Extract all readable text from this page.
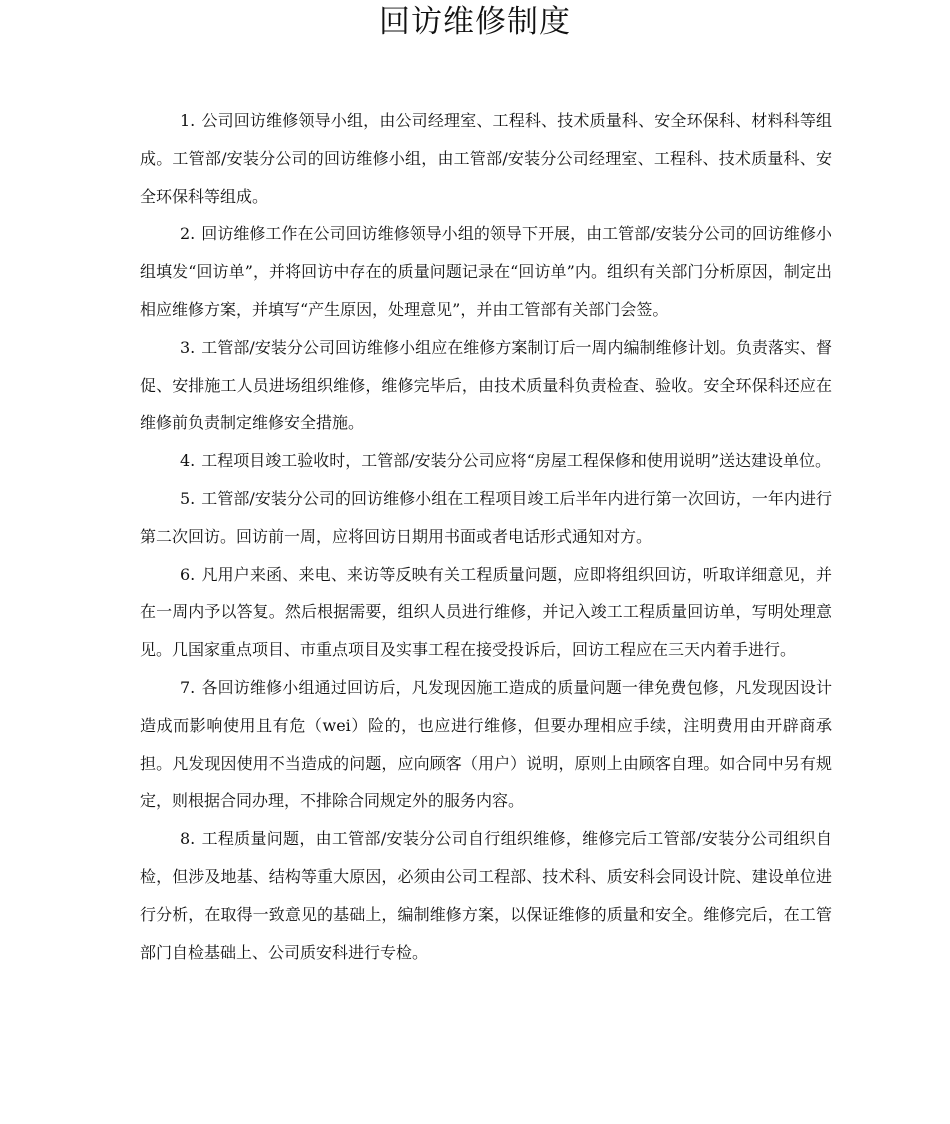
回访维修制度

1. 公司回访维修领导小组，由公司经理室、工程科、技术质量科、安全环保科、材料科等组成。工管部/安装分公司的回访维修小组，由工管部/安装分公司经理室、工程科、技术质量科、安全环保科等组成。

2. 回访维修工作在公司回访维修领导小组的领导下开展，由工管部/安装分公司的回访维修小组填发“回访单”，并将回访中存在的质量问题记录在“回访单”内。组织有关部门分析原因，制定出相应维修方案，并填写“产生原因，处理意见”，并由工管部有关部门会签。

3. 工管部/安装分公司回访维修小组应在维修方案制订后一周内编制维修计划。负责落实、督促、安排施工人员进场组织维修，维修完毕后，由技术质量科负责检查、验收。安全环保科还应在维修前负责制定维修安全措施。

4. 工程项目竣工验收时，工管部/安装分公司应将“房屋工程保修和使用说明”送达建设单位。

5. 工管部/安装分公司的回访维修小组在工程项目竣工后半年内进行第一次回访，一年内进行第二次回访。回访前一周，应将回访日期用书面或者电话形式通知对方。

6. 凡用户来函、来电、来访等反映有关工程质量问题，应即将组织回访，听取详细意见，并在一周内予以答复。然后根据需要，组织人员进行维修，并记入竣工工程质量回访单，写明处理意见。几国家重点项目、市重点项目及实事工程在接受投诉后，回访工程应在三天内着手进行。

7. 各回访维修小组通过回访后，凡发现因施工造成的质量问题一律免费包修，凡发现因设计造成而影响使用且有危（wei）险的，也应进行维修，但要办理相应手续，注明费用由开辟商承担。凡发现因使用不当造成的问题，应向顾客（用户）说明，原则上由顾客自理。如合同中另有规定，则根据合同办理，不排除合同规定外的服务内容。

8. 工程质量问题，由工管部/安装分公司自行组织维修，维修完后工管部/安装分公司组织自检，但涉及地基、结构等重大原因，必须由公司工程部、技术科、质安科会同设计院、建设单位进行分析，在取得一致意见的基础上，编制维修方案，以保证维修的质量和安全。维修完后，在工管部门自检基础上、公司质安科进行专检。
